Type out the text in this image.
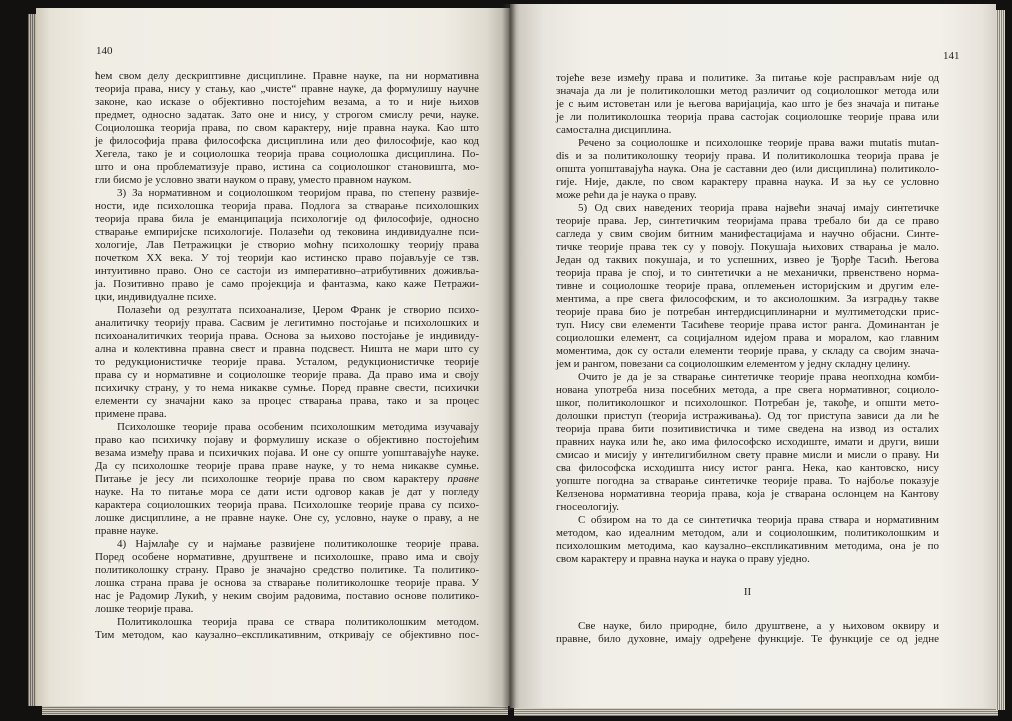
140	141
ћем свом делу дескриптивне дисциплине. Правне науке, па ни нормативна
теорија права, нису у стању, као „чисте“ правне науке, да формулишу научне
законе, као исказе о објективно постојећим везама, а то и није њихов
предмет, односно задатак. Зато оне и нису, у строгом смислу речи, науке.
Социолошка теорија права, по свом карактеру, није правна наука. Као што
је философија права философска дисциплина или део философије, као код
Хегела, тако је и социолошка теорија права социолошка дисциплина. По-
што и она проблематизује право, истина са социолошког становишта, мо-
гли бисмо је условно звати науком о праву, уместо правном науком.
3) За нормативном и социолошком теоријом права, по степену развије-
ности, иде психолошка теорија права. Подлога за стварање психолошких
теорија права била је еманципација психологије од философије, односно
стварање емпиријске психологије. Полазећи од тековина индивидуалне пси-
хологије, Лав Петражицки је створио моћну психолошку теорију права
почетком XX века. У тој теорији као истинско право појављује се тзв.
интуитивно право. Оно се састоји из императивно–атрибутивних доживља-
ја. Позитивно право је само пројекција и фантазма, како каже Петражи-
цки, индивидуалне психе.
Полазећи од резултата психоанализе, Џером Франк је створио психо-
аналитичку теорију права. Сасвим је легитимно постојање и психолошких и
психоаналитичких теорија права. Основа за њихово постојање је индивиду-
ална и колективна правна свест и правна подсвест. Ништа не мари што су
то редукционистичке теорије права. Усталом, редукционистичке теорије
права су и нормативне и социолошке теорије права. Да право има и своју
психичку страну, у то нема никакве сумње. Поред правне свести, психички
елементи су значајни како за процес стварања права, тако и за процес
примене права.
Психолошке теорије права особеним психолошким методима изучавају
право као психичку појаву и формулишу исказе о објективно постојећим
везама између права и психичких појава. И оне су опште уопштавајуће науке.
Да су психолошке теорије права праве науке, у то нема никакве сумње.
Питање је јесу ли психолошке теорије права по свом карактеру правне
науке. На то питање мора се дати исти одговор какав је дат у погледу
карактера социолошких теорија права. Психолошке теорије права су психо-
лошке дисциплине, а не правне науке. Оне су, условно, науке о праву, а не
правне науке.
4) Најмлађе су и најмање развијене политиколошке теорије права.
Поред особене нормативне, друштвене и психолошке, право има и своју
политиколошку страну. Право је значајно средство политике. Та политико-
лошка страна права је основа за стварање политиколошке теорије права. У
нас је Радомир Лукић, у неким својим радовима, поставио основе политико-
лошке теорије права.
Политиколошка теорија права се ствара политиколошким методом.
Тим методом, као каузално–експликативним, откривају се објективно пос-
тојеће везе између права и политике. За питање које расправљам није од
значаја да ли је политиколошки метод различит од социолошког метода или
је с њим истоветан или је његова варијација, као што је без значаја и питање
је ли политиколошка теорија права састојак социолошке теорије права или
самостална дисциплина.
Речено за социолошке и психолошке теорије права важи mutatis mutan-
dis и за политиколошку теорију права. И политиколошка теорија права је
општа уопштавајућа наука. Она је саставни део (или дисциплина) политиколо-
гије. Није, дакле, по свом карактеру правна наука. И за њу се условно
може рећи да је наука о праву.
5) Од свих наведених теорија права највећи значај имају синтетичке
теорије права. Јер, синтетичким теоријама права требало би да се право
сагледа у свим својим битним манифестацијама и научно објасни. Синте-
тичке теорије права тек су у повоју. Покушаја њихових стварања је мало.
Један од таквих покушаја, и то успешних, извео је Ђорђе Тасић. Његова
теорија права је спој, и то синтетички а не механички, првенствено норма-
тивне и социолошке теорије права, оплемењен историјским и другим еле-
ментима, а пре свега философским, и то аксиолошким. За изградњу такве
теорије права био је потребан интердисциплинарни и мултиметодски прис-
туп. Нису сви елементи Тасићеве теорије права истог ранга. Доминантан је
социолошки елемент, са социјалном идејом права и моралом, као главним
моментима, док су остали елементи теорије права, у складу са својим знача-
јем и рангом, повезани са социолошким елементом у једну складну целину.
Очито је да је за стварање синтетичке теорије права неопходна комби-
нована употреба низа посебних метода, а пре свега нормативног, социоло-
шког, политиколошког и психолошког. Потребан је, такође, и општи мето-
долошки приступ (теорија истраживања). Од тог приступа зависи да ли ће
теорија права бити позитивистичка и тиме сведена на извод из осталих
правних наука или ће, ако има философско исходиште, имати и други, виши
смисао и мисију у интелигибилном свету правне мисли и мисли о праву. Ни
сва философска исходишта нису истог ранга. Нека, као кантовско, нису
уопште погодна за стварање синтетичке теорије права. То најбоље показује
Келзенова нормативна теорија права, која је стварана ослонцем на Кантову
гносеологију.
С обзиром на то да се синтетичка теорија права ствара и нормативним
методом, као идеалним методом, али и социолошким, политиколошким и
психолошким методима, као каузално–експликативним методима, она је по
свом карактеру и правна наука и наука о праву уједно.
II
Све науке, било природне, било друштвене, а у њиховом оквиру и
правне, било духовне, имају одређене функције. Те функције се од једне
